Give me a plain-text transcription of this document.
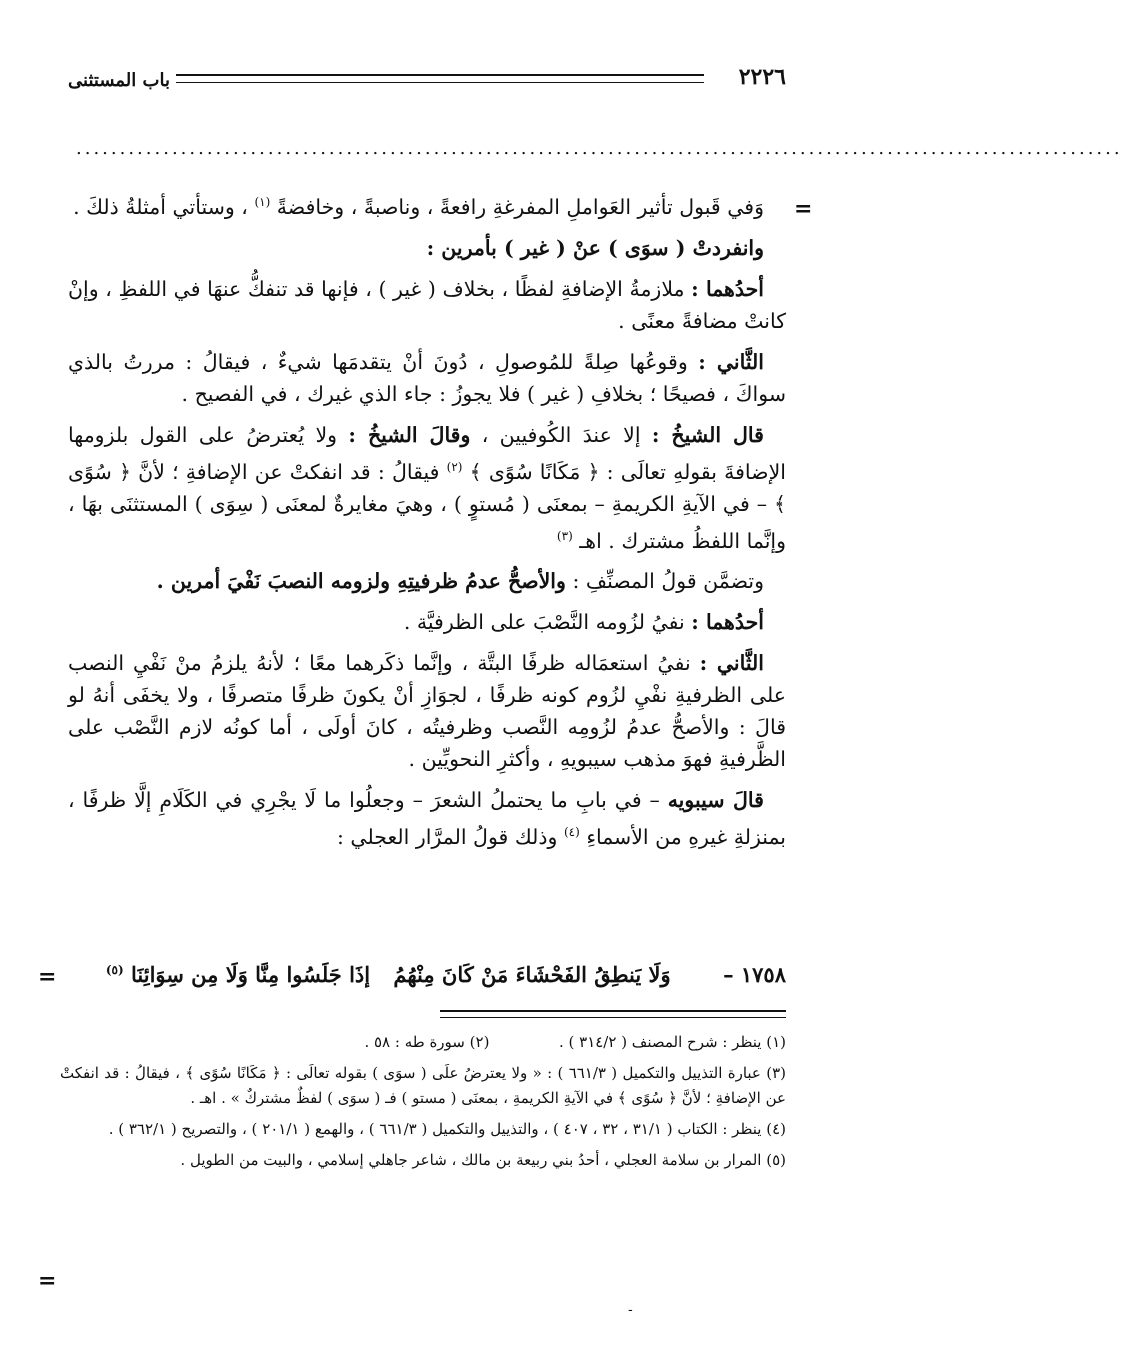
٢٢٢٦
باب المستثنى
........................................................................................................................
=
=
=

وَفي قَبول تأثير العَواملِ المفرغةِ رافعةً ، وناصبةً ، وخافضةً $^{(١)}$ ، وستأتي أمثلةُ ذلكَ .

وانفردتْ ( سوَى ) عنْ ( غير ) بأمرين :

أحدُهما : ملازمةُ الإضافةِ لفظًا ، بخلاف ( غير ) ، فإنها قد تنفكُّ عنهَا في اللفظِ ، وإنْ كانتْ مضافةً معنًى .

الثَّاني : وقوعُها صِلةً للمُوصولِ ، دُونَ أنْ يتقدمَها شيءٌ ، فيقالُ : مررتُ بالذي سواكَ ، فصيحًا ؛ بخلافِ ( غير ) فلا يجوزُ : جاء الذي غيرك ، في الفصيح .

قال الشيخُ : إلا عندَ الكُوفيين ، وقالَ الشيخُ : ولا يُعترضُ على القول بلزومها الإضافةَ بقولهِ تعالَى : ﴿ مَكَانًا سُوًى ﴾ $^{(٢)}$ فيقالُ : قد انفكتْ عن الإضافةِ ؛ لأنَّ ﴿ سُوًى ﴾ – في الآيةِ الكريمةِ – بمعنَى ( مُستوٍ ) ، وهيَ مغايرةٌ لمعنَى ( سِوَى ) المستثنَى بهَا ، وإنَّما اللفظُ مشترك . اهـ $^{(٣)}$

وتضمَّن قولُ المصنِّفِ : والأصحُّ عدمُ ظرفيتِهِ ولزومه النصبَ نَفْيَ أمرين .

أحدُهما : نفيُ لزُومه النَّصْبَ على الظرفيَّة .

الثَّاني : نفيُ استعمَاله ظرفًا البتَّة ، وإنَّما ذكَرهما معًا ؛ لأنهُ يلزمُ منْ نَفْيِ النصب على الظرفيةِ نفْيِ لزُوم كونه ظرفًا ، لجوَازِ أنْ يكونَ ظرفًا متصرفًا ، ولا يخفَى أنهُ لو قالَ : والأصحُّ عدمُ لزُومِه النَّصب وظرفيتُه ، كانَ أولَى ، أما كونُه لازم النَّصْب على الظَّرفيةِ فهوَ مذهب سيبويهِ ، وأكثرِ النحويِّين .

قالَ سيبويه – في بابِ ما يحتملُ الشعرَ – وجعلُوا ما لَا يجْرِي في الكَلَامِ إلَّا ظرفًا ، بمنزلةِ غيرهِ من الأسماءِ $^{(٤)}$ وذلك قولُ المرَّار العجلي :

١٧٥٨ –وَلَا يَنطِقُ الفَحْشَاءَ مَنْ كَانَ مِنْهُمُإذَا جَلَسُوا مِنَّا وَلَا مِن سِوَائِنَا $^{(٥)}$

(١) ينظر : شرح المصنف ( ٣١٤/٢ ) .  (٢) سورة طه : ٥٨ .

(٣) عبارة التذييل والتكميل ( ٦٦١/٣ ) : « ولا يعترضُ علَى ( سوَى ) بقوله تعالَى : ﴿ مَكَانًا سُوًى ﴾ ، فيقالُ : قد انفكتْ عن الإضافةِ ؛ لأنَّ ﴿ سُوًى ﴾ في الآيةِ الكريمةِ ، بمعنَى ( مستو ) فـ ( سوَى ) لفظٌ مشتركٌ » . اهـ .

(٤) ينظر : الكتاب ( ٣١/١ ، ٣٢ ، ٤٠٧ ) ، والتذييل والتكميل ( ٦٦١/٣ ) ، والهمع ( ٢٠١/١ ) ، والتصريح ( ٣٦٢/١ ) .

(٥) المرار بن سلامة العجلي ، أحدُ بني ربيعة بن مالك ، شاعر جاهلي إسلامي ، والبيت من الطويل .

-
